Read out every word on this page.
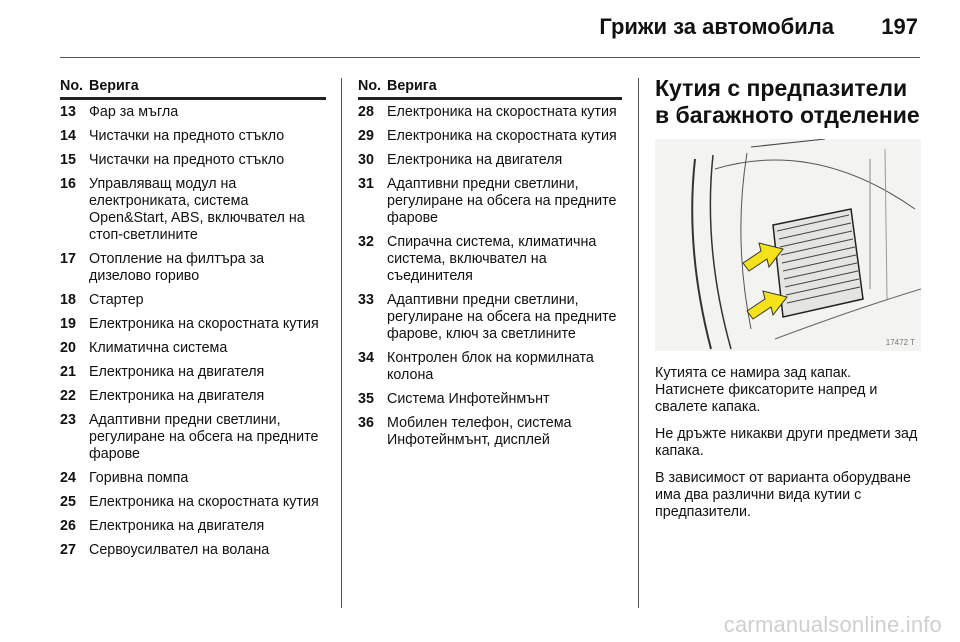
Грижи за автомобила 197
No. Верига
13 Фар за мъгла
14 Чистачки на предното стъкло
15 Чистачки на предното стъкло
16 Управляващ модул на електрониката, система Open&Start, ABS, включвател на стоп-светлините
17 Отопление на филтъра за дизелово гориво
18 Стартер
19 Електроника на скоростната кутия
20 Климатична система
21 Електроника на двигателя
22 Електроника на двигателя
23 Адаптивни предни светлини, регулиране на обсега на предните фарове
24 Горивна помпа
25 Електроника на скоростната кутия
26 Електроника на двигателя
27 Сервоусилвател на волана
No. Верига
28 Електроника на скоростната кутия
29 Електроника на скоростната кутия
30 Електроника на двигателя
31 Адаптивни предни светлини, регулиране на обсега на предните фарове
32 Спирачна система, климатична система, включвател на съединителя
33 Адаптивни предни светлини, регулиране на обсега на предните фарове, ключ за светлините
34 Контролен блок на кормилната колона
35 Система Инфотейнмънт
36 Мобилен телефон, система Инфотейнмънт, дисплей
Кутия с предпазители в багажното отделение
17472 T

Кутията се намира зад капак. Натиснете фиксаторите напред и свалете капака.

Не дръжте никакви други предмети зад капака.

В зависимост от варианта оборудване има два различни вида кутии с предпазители.

carmanualsonline.info
